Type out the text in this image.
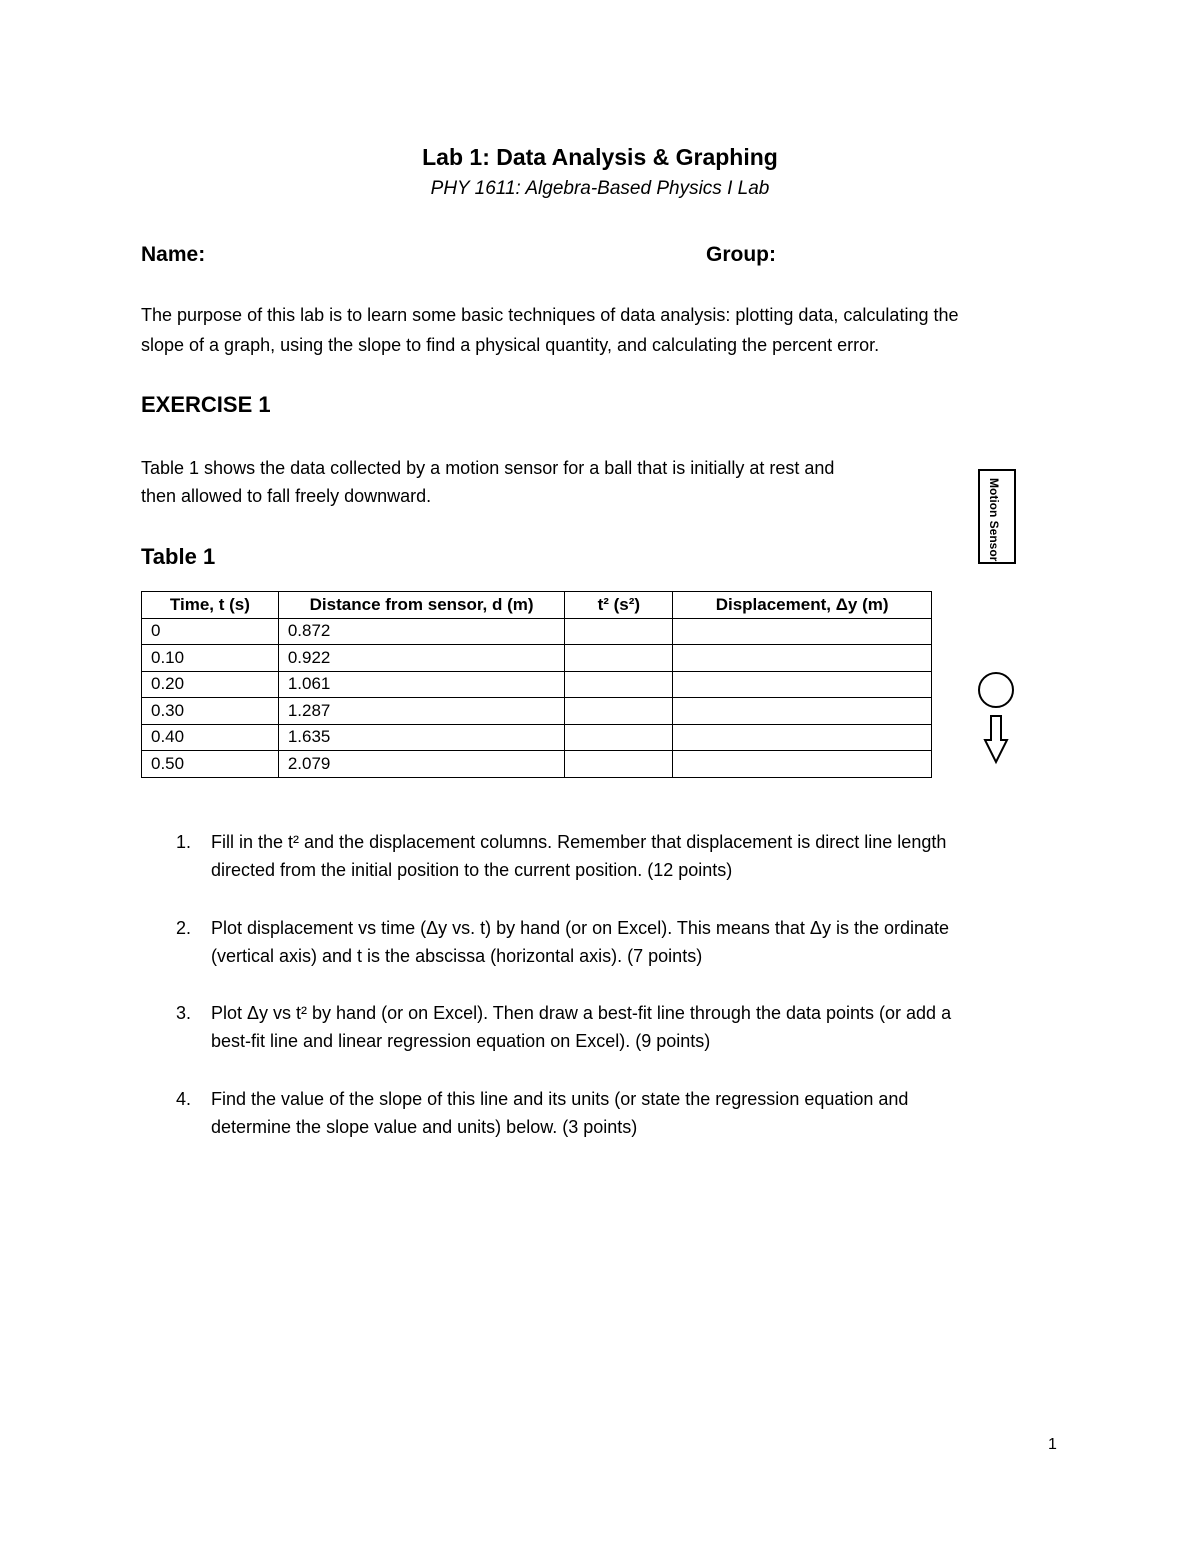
Lab 1: Data Analysis & Graphing
PHY 1611: Algebra-Based Physics I Lab
Name:	Group:
The purpose of this lab is to learn some basic techniques of data analysis: plotting data, calculating the
slope of a graph, using the slope to find a physical quantity, and calculating the percent error.
EXERCISE 1
Table 1 shows the data collected by a motion sensor for a ball that is initially at rest and
then allowed to fall freely downward.
Table 1
Time, t (s)	Distance from sensor, d (m)	t² (s²)	Displacement, Δy (m)
0	0.872		
0.10	0.922		
0.20	1.061		
0.30	1.287		
0.40	1.635		
0.50	2.079		
Motion Sensor
1. Fill in the t² and the displacement columns. Remember that displacement is direct line length
directed from the initial position to the current position. (12 points)
2. Plot displacement vs time (Δy vs. t) by hand (or on Excel). This means that Δy is the ordinate
(vertical axis) and t is the abscissa (horizontal axis). (7 points)
3. Plot Δy vs t² by hand (or on Excel). Then draw a best-fit line through the data points (or add a
best-fit line and linear regression equation on Excel). (9 points)
4. Find the value of the slope of this line and its units (or state the regression equation and
determine the slope value and units) below. (3 points)
1
